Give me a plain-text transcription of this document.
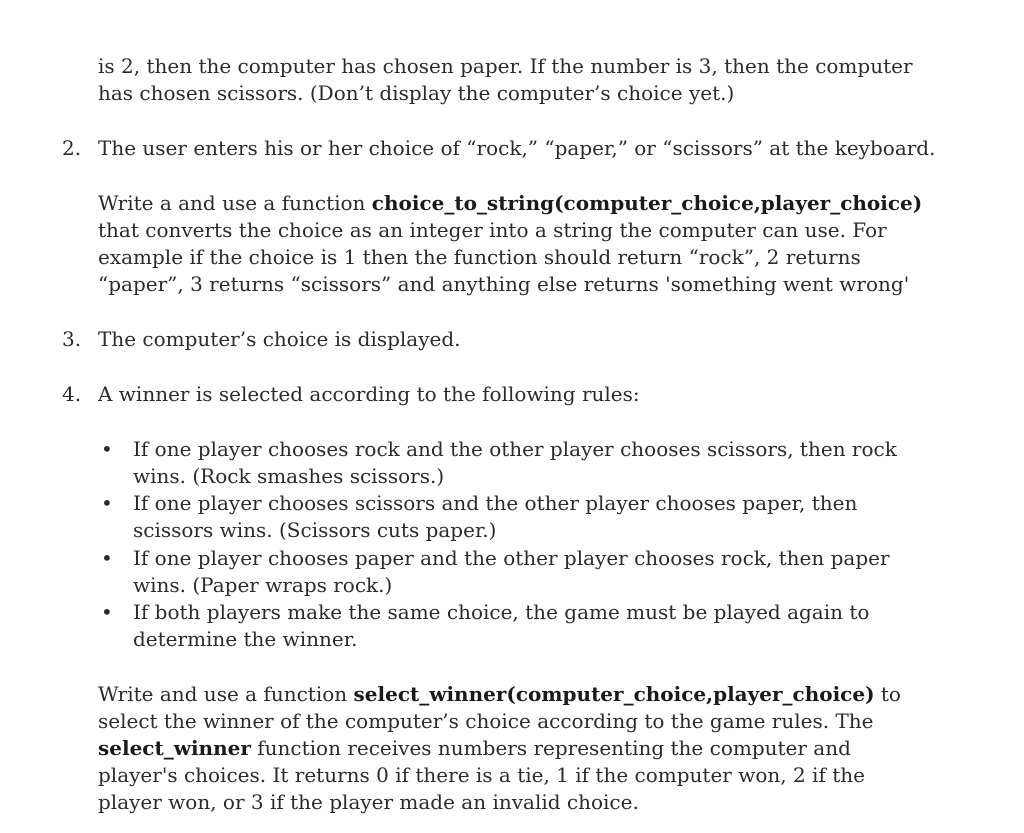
is 2, then the computer has chosen paper. If the number is 3, then the computer
has chosen scissors. (Don’t display the computer’s choice yet.)
2. The user enters his or her choice of “rock,” “paper,” or “scissors” at the keyboard.
Write a and use a function choice_to_string(computer_choice,player_choice)
that converts the choice as an integer into a string the computer can use. For
example if the choice is 1 then the function should return “rock”, 2 returns
“paper”, 3 returns “scissors” and anything else returns 'something went wrong'
3. The computer’s choice is displayed.
4. A winner is selected according to the following rules:
• If one player chooses rock and the other player chooses scissors, then rock
wins. (Rock smashes scissors.)
• If one player chooses scissors and the other player chooses paper, then
scissors wins. (Scissors cuts paper.)
• If one player chooses paper and the other player chooses rock, then paper
wins. (Paper wraps rock.)
• If both players make the same choice, the game must be played again to
determine the winner.
Write and use a function select_winner(computer_choice,player_choice) to
select the winner of the computer’s choice according to the game rules. The
select_winner function receives numbers representing the computer and
player's choices. It returns 0 if there is a tie, 1 if the computer won, 2 if the
player won, or 3 if the player made an invalid choice.
